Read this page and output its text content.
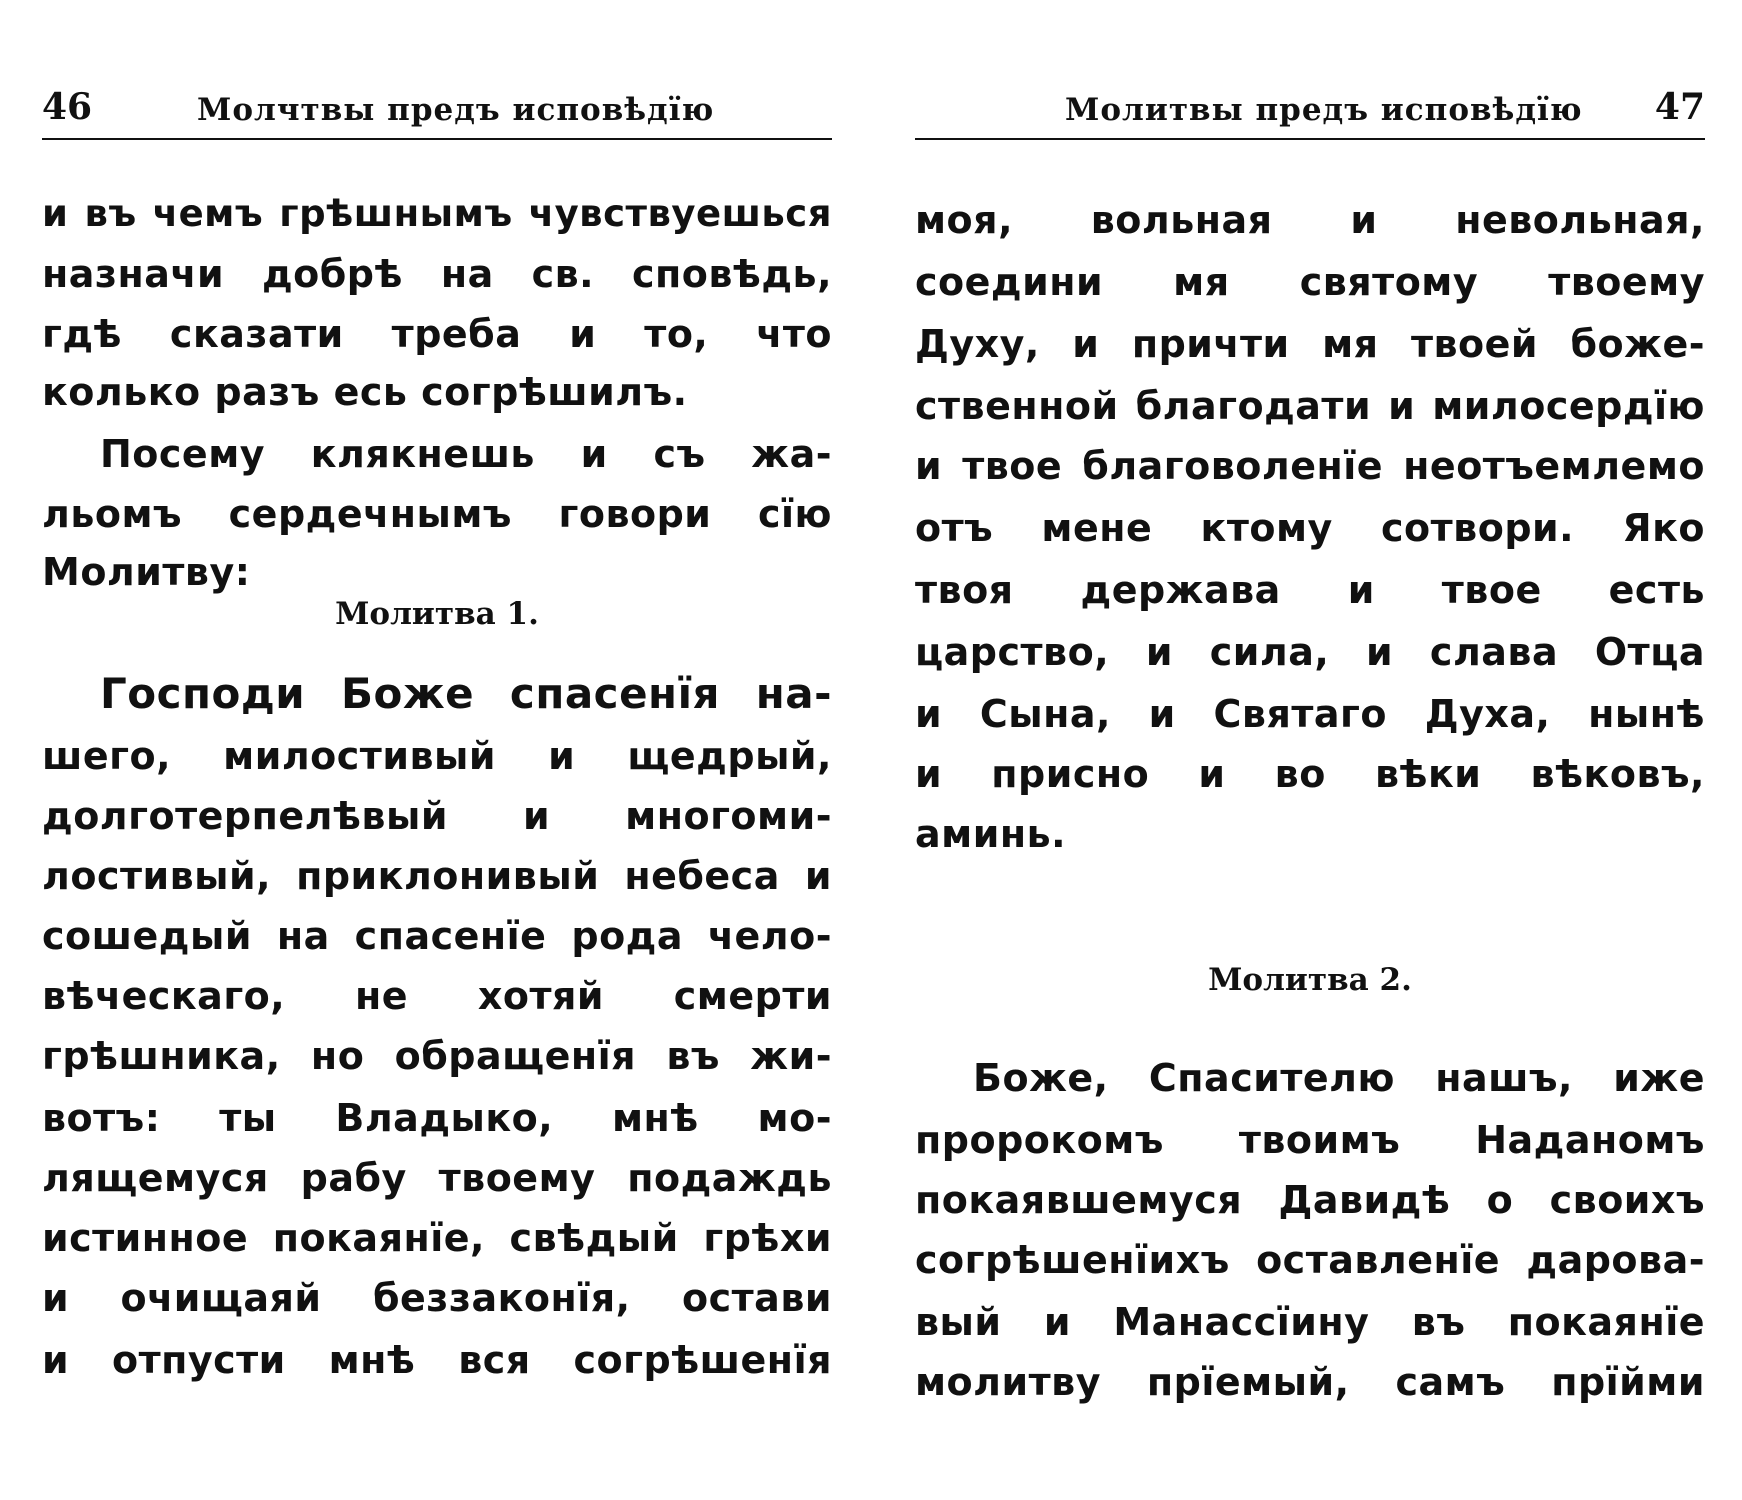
46	Молчтвы предъ исповѣдїю
и въ чемъ грѣшнымъ чувствуешься
назначи добрѣ на св. сповѣдь,
гдѣ сказати треба и то, что
колько разъ есь согрѣшилъ.
Посему клякнешь и съ жа-
льомъ сердечнымъ говори сїю
Молитву:
Молитва 1.
Господи Боже спасенїя на-
шего, милостивый и щедрый,
долготерпелѣвый и многоми-
лостивый, приклонивый небеса и
сошедый на спасенїе рода чело-
вѣческаго, не хотяй смерти
грѣшника, но обращенїя въ жи-
вотъ: ты Владыко, мнѣ мо-
лящемуся рабу твоему подаждь
истинное покаянїе, свѣдый грѣхи
и очищаяй беззаконїя, остави
и отпусти мнѣ вся согрѣшенїя
Молитвы предъ исповѣдїю 47
моя, вольная и невольная,
соедини мя святому твоему
Духу, и причти мя твоей боже-
ственной благодати и милосердїю
и твое благоволенїе неотъемлемо
отъ мене ктому сотвори. Яко
твоя держава и твое есть
царство, и сила, и слава Отца
и Сына, и Святаго Духа, нынѣ
и присно и во вѣки вѣковъ,
аминь.
Молитва 2.
Боже, Спасителю нашъ, иже
пророкомъ твоимъ Наданомъ
покаявшемуся Давидѣ о своихъ
согрѣшенїихъ оставленїе дарова-
вый и Манассїину въ покаянїе
молитву прїемый, самъ прїйми
